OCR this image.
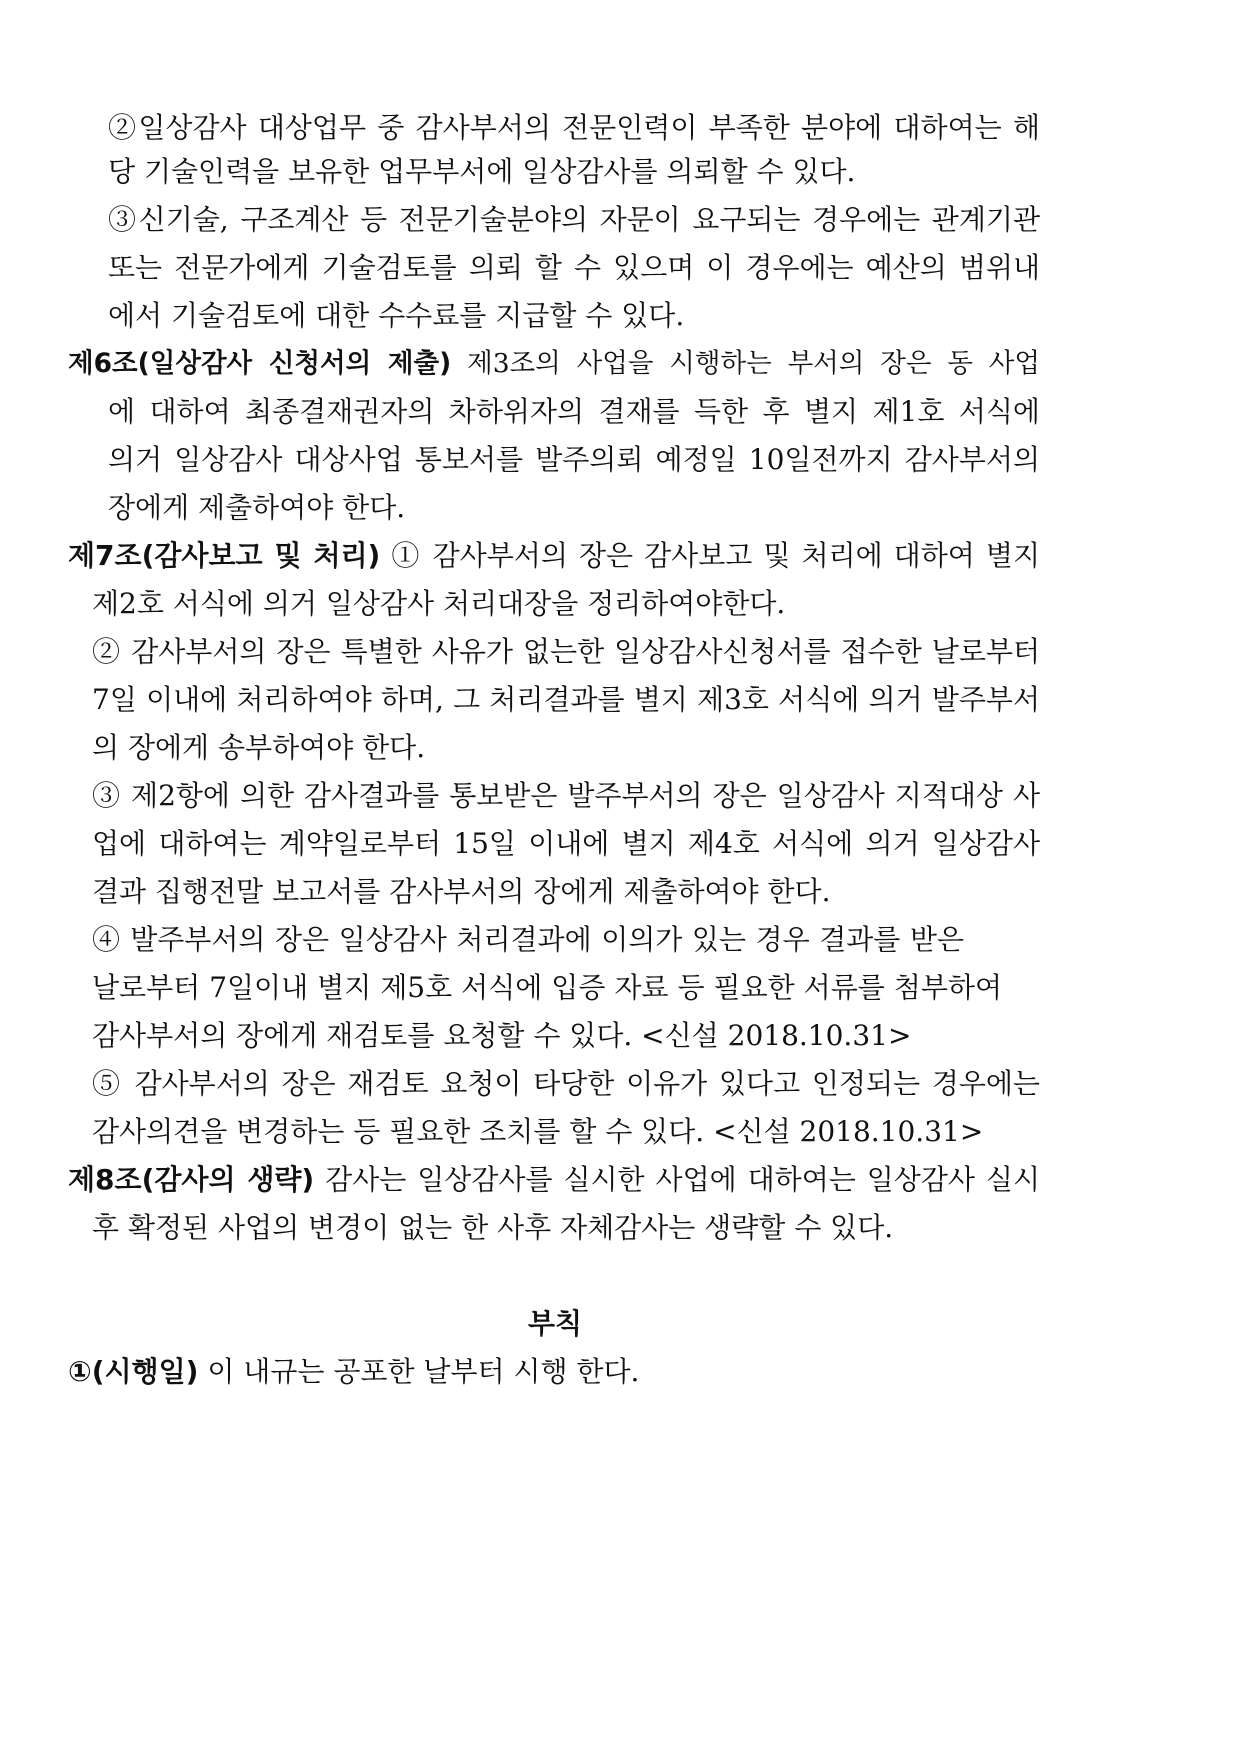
②일상감사 대상업무 중 감사부서의 전문인력이 부족한 분야에 대하여는 해
당 기술인력을 보유한 업무부서에 일상감사를 의뢰할 수 있다.
③신기술, 구조계산 등 전문기술분야의 자문이 요구되는 경우에는 관계기관
또는 전문가에게 기술검토를 의뢰 할 수 있으며 이 경우에는 예산의 범위내
에서 기술검토에 대한 수수료를 지급할 수 있다.
제6조(일상감사 신청서의 제출) 제3조의 사업을 시행하는 부서의 장은 동 사업
에 대하여 최종결재권자의 차하위자의 결재를 득한 후 별지 제1호 서식에
의거 일상감사 대상사업 통보서를 발주의뢰 예정일 10일전까지 감사부서의
장에게 제출하여야 한다.
제7조(감사보고 및 처리) ① 감사부서의 장은 감사보고 및 처리에 대하여 별지
제2호 서식에 의거 일상감사 처리대장을 정리하여야한다.
② 감사부서의 장은 특별한 사유가 없는한 일상감사신청서를 접수한 날로부터
7일 이내에 처리하여야 하며, 그 처리결과를 별지 제3호 서식에 의거 발주부서
의 장에게 송부하여야 한다.
③ 제2항에 의한 감사결과를 통보받은 발주부서의 장은 일상감사 지적대상 사
업에 대하여는 계약일로부터 15일 이내에 별지 제4호 서식에 의거 일상감사
결과 집행전말 보고서를 감사부서의 장에게 제출하여야 한다.
④ 발주부서의 장은 일상감사 처리결과에 이의가 있는 경우 결과를 받은
날로부터 7일이내 별지 제5호 서식에 입증 자료 등 필요한 서류를 첨부하여
감사부서의 장에게 재검토를 요청할 수 있다. <신설 2018.10.31>
⑤ 감사부서의 장은 재검토 요청이 타당한 이유가 있다고 인정되는 경우에는
감사의견을 변경하는 등 필요한 조치를 할 수 있다. <신설 2018.10.31>
제8조(감사의 생략) 감사는 일상감사를 실시한 사업에 대하여는 일상감사 실시
후 확정된 사업의 변경이 없는 한 사후 자체감사는 생략할 수 있다.
부칙
①(시행일) 이 내규는 공포한 날부터 시행 한다.
